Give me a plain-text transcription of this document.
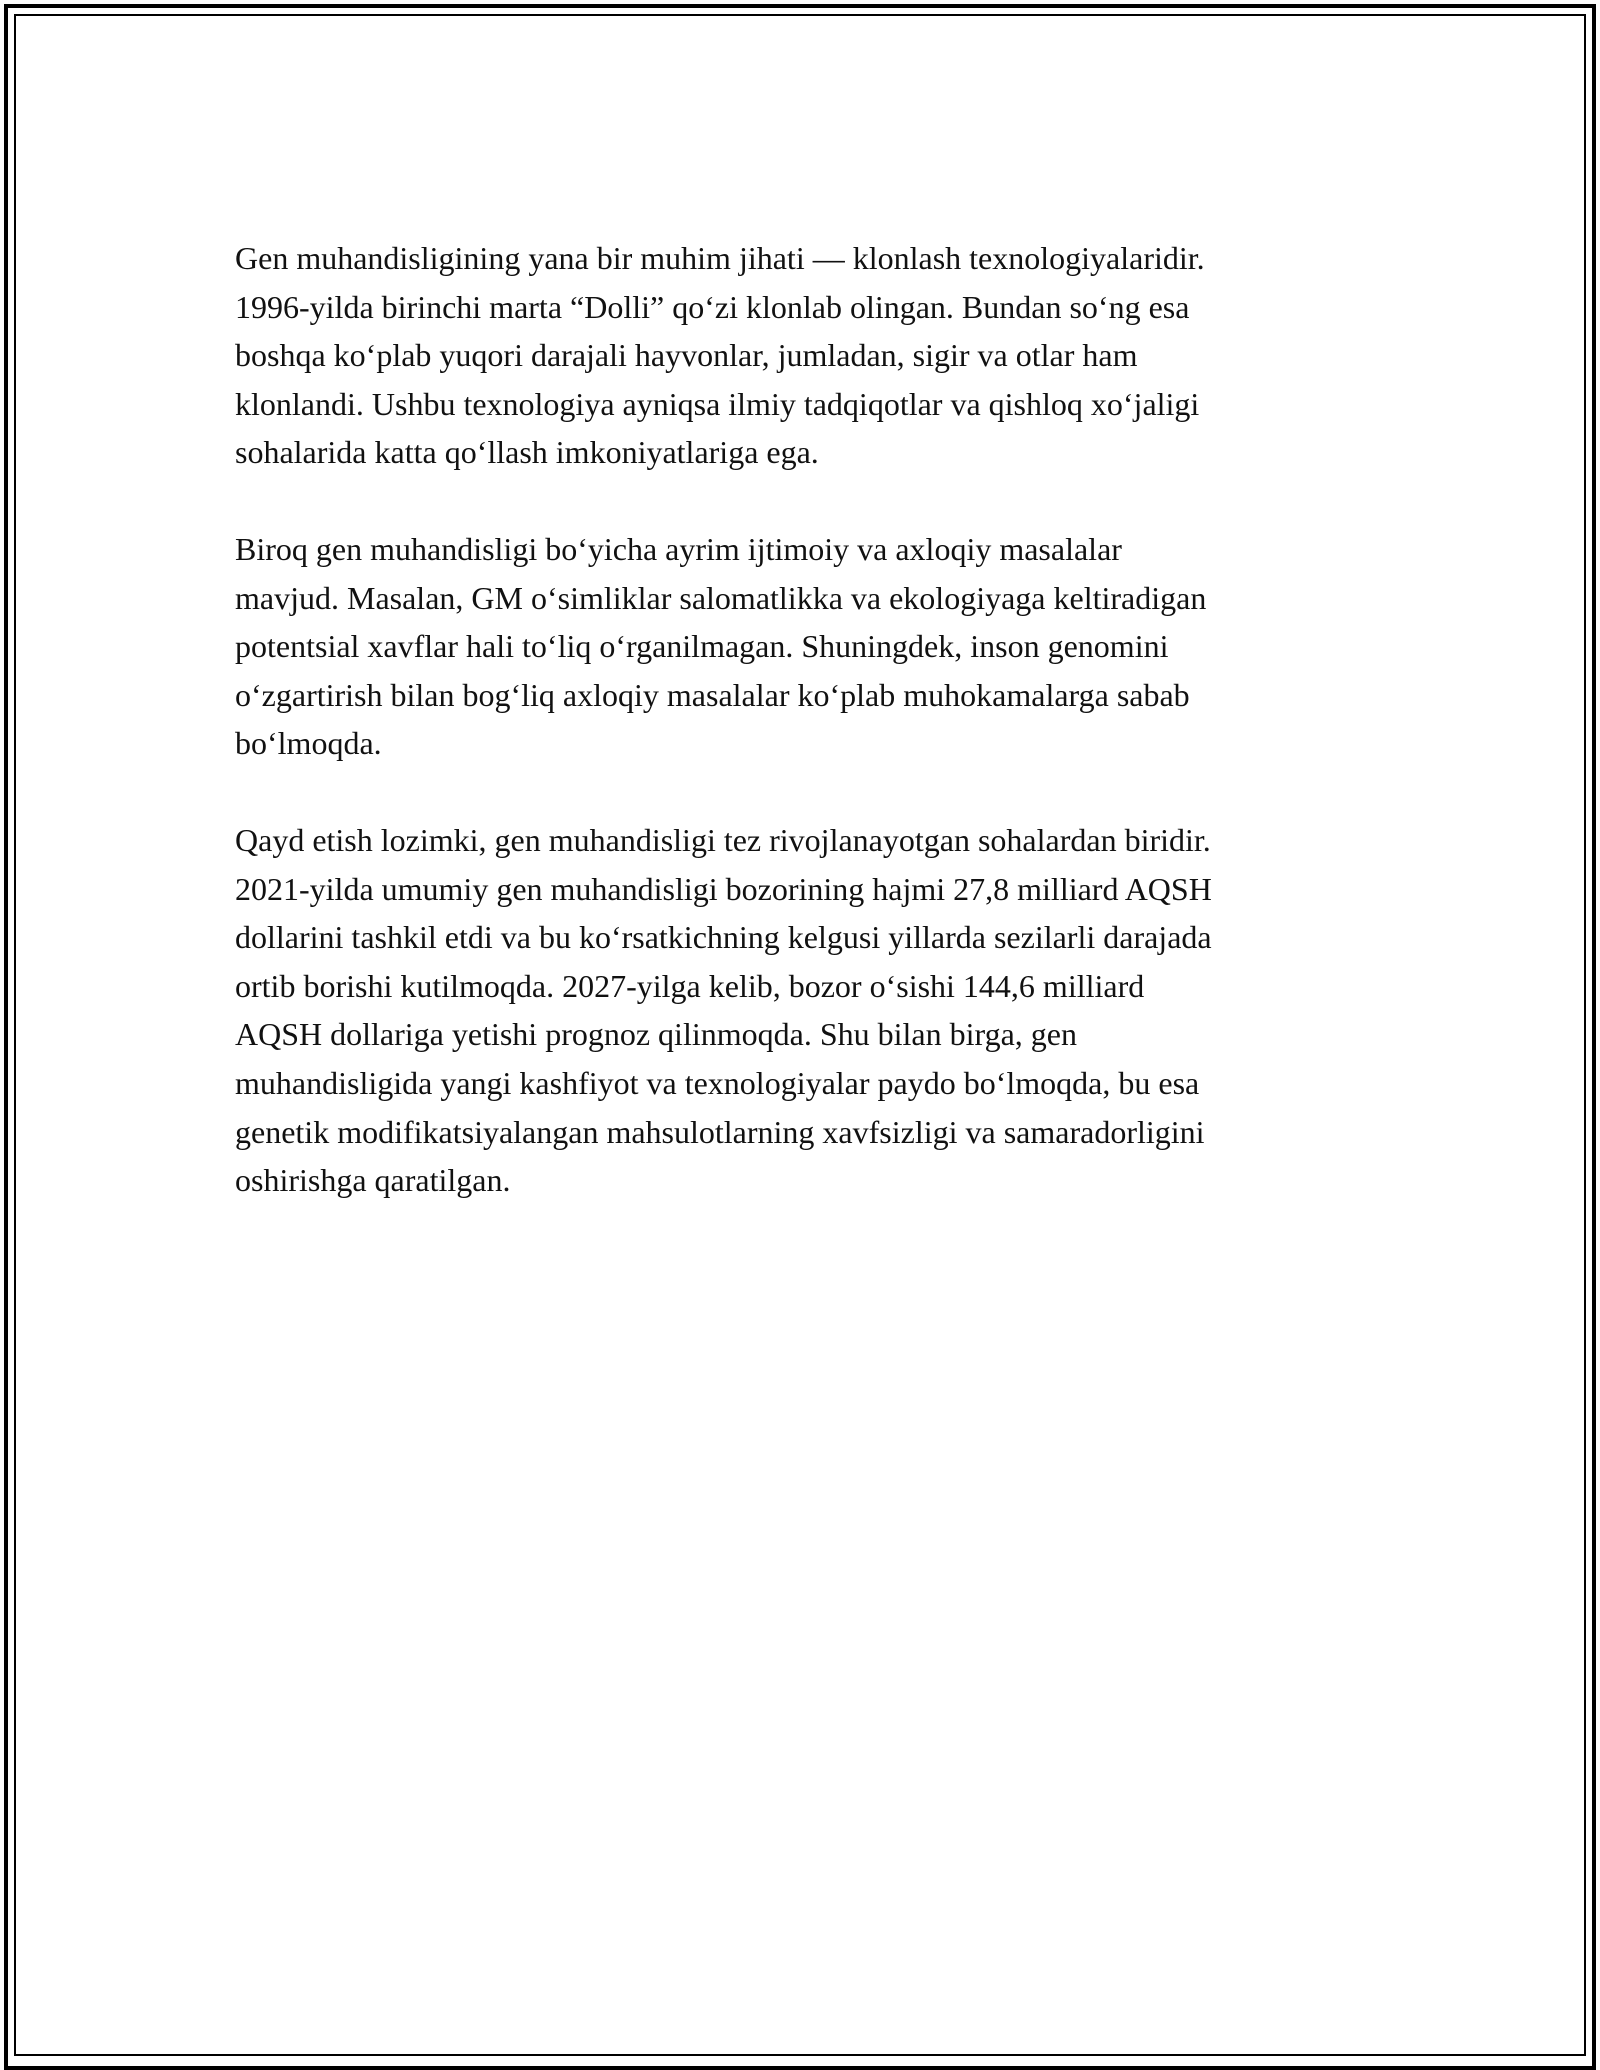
Gen muhandisligining yana bir muhim jihati — klonlash texnologiyalaridir.
1996-yilda birinchi marta “Dolli” qo‘zi klonlab olingan. Bundan so‘ng esa
boshqa ko‘plab yuqori darajali hayvonlar, jumladan, sigir va otlar ham
klonlandi. Ushbu texnologiya ayniqsa ilmiy tadqiqotlar va qishloq xo‘jaligi
sohalarida katta qo‘llash imkoniyatlariga ega.

Biroq gen muhandisligi bo‘yicha ayrim ijtimoiy va axloqiy masalalar
mavjud. Masalan, GM o‘simliklar salomatlikka va ekologiyaga keltiradigan
potentsial xavflar hali to‘liq o‘rganilmagan. Shuningdek, inson genomini
o‘zgartirish bilan bog‘liq axloqiy masalalar ko‘plab muhokamalarga sabab
bo‘lmoqda.

Qayd etish lozimki, gen muhandisligi tez rivojlanayotgan sohalardan biridir.
2021-yilda umumiy gen muhandisligi bozorining hajmi 27,8 milliard AQSH
dollarini tashkil etdi va bu ko‘rsatkichning kelgusi yillarda sezilarli darajada
ortib borishi kutilmoqda. 2027-yilga kelib, bozor o‘sishi 144,6 milliard
AQSH dollariga yetishi prognoz qilinmoqda. Shu bilan birga, gen
muhandisligida yangi kashfiyot va texnologiyalar paydo bo‘lmoqda, bu esa
genetik modifikatsiyalangan mahsulotlarning xavfsizligi va samaradorligini
oshirishga qaratilgan.
